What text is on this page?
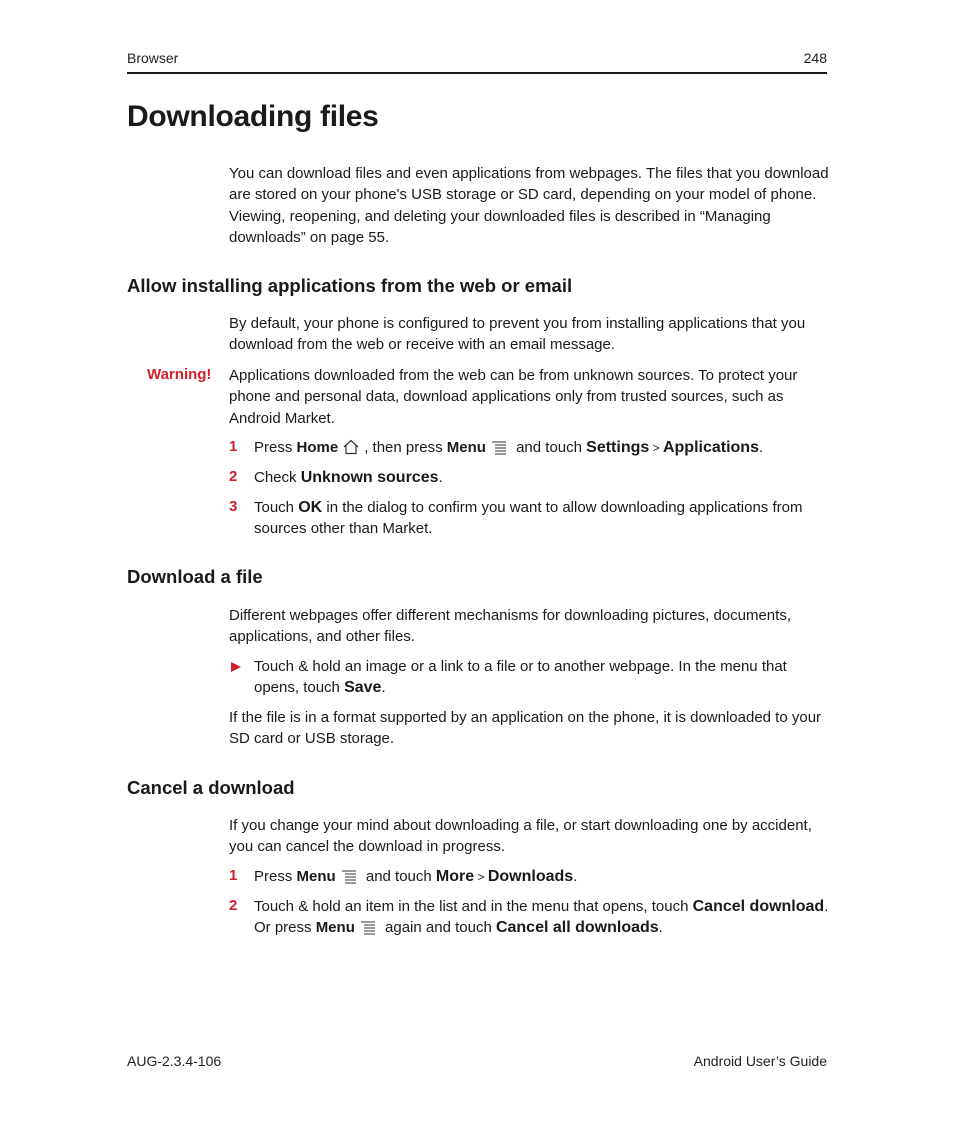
Browser	248
Downloading files

You can download files and even applications from webpages. The files that you download are stored on your phone's USB storage or SD card, depending on your model of phone. Viewing, reopening, and deleting your downloaded files is described in “Managing downloads” on page 55.

Allow installing applications from the web or email

By default, your phone is configured to prevent you from installing applications that you download from the web or receive with an email message.

Warning! Applications downloaded from the web can be from unknown sources. To protect your phone and personal data, download applications only from trusted sources, such as Android Market.

1 Press Home , then press Menu and touch Settings > Applications.

2 Check Unknown sources.

3 Touch OK in the dialog to confirm you want to allow downloading applications from sources other than Market.

Download a file

Different webpages offer different mechanisms for downloading pictures, documents, applications, and other files.

Touch & hold an image or a link to a file or to another webpage. In the menu that opens, touch Save.

If the file is in a format supported by an application on the phone, it is downloaded to your SD card or USB storage.

Cancel a download

If you change your mind about downloading a file, or start downloading one by accident, you can cancel the download in progress.

1 Press Menu and touch More > Downloads.

2 Touch & hold an item in the list and in the menu that opens, touch Cancel download. Or press Menu again and touch Cancel all downloads.

AUG-2.3.4-106	Android User’s Guide
